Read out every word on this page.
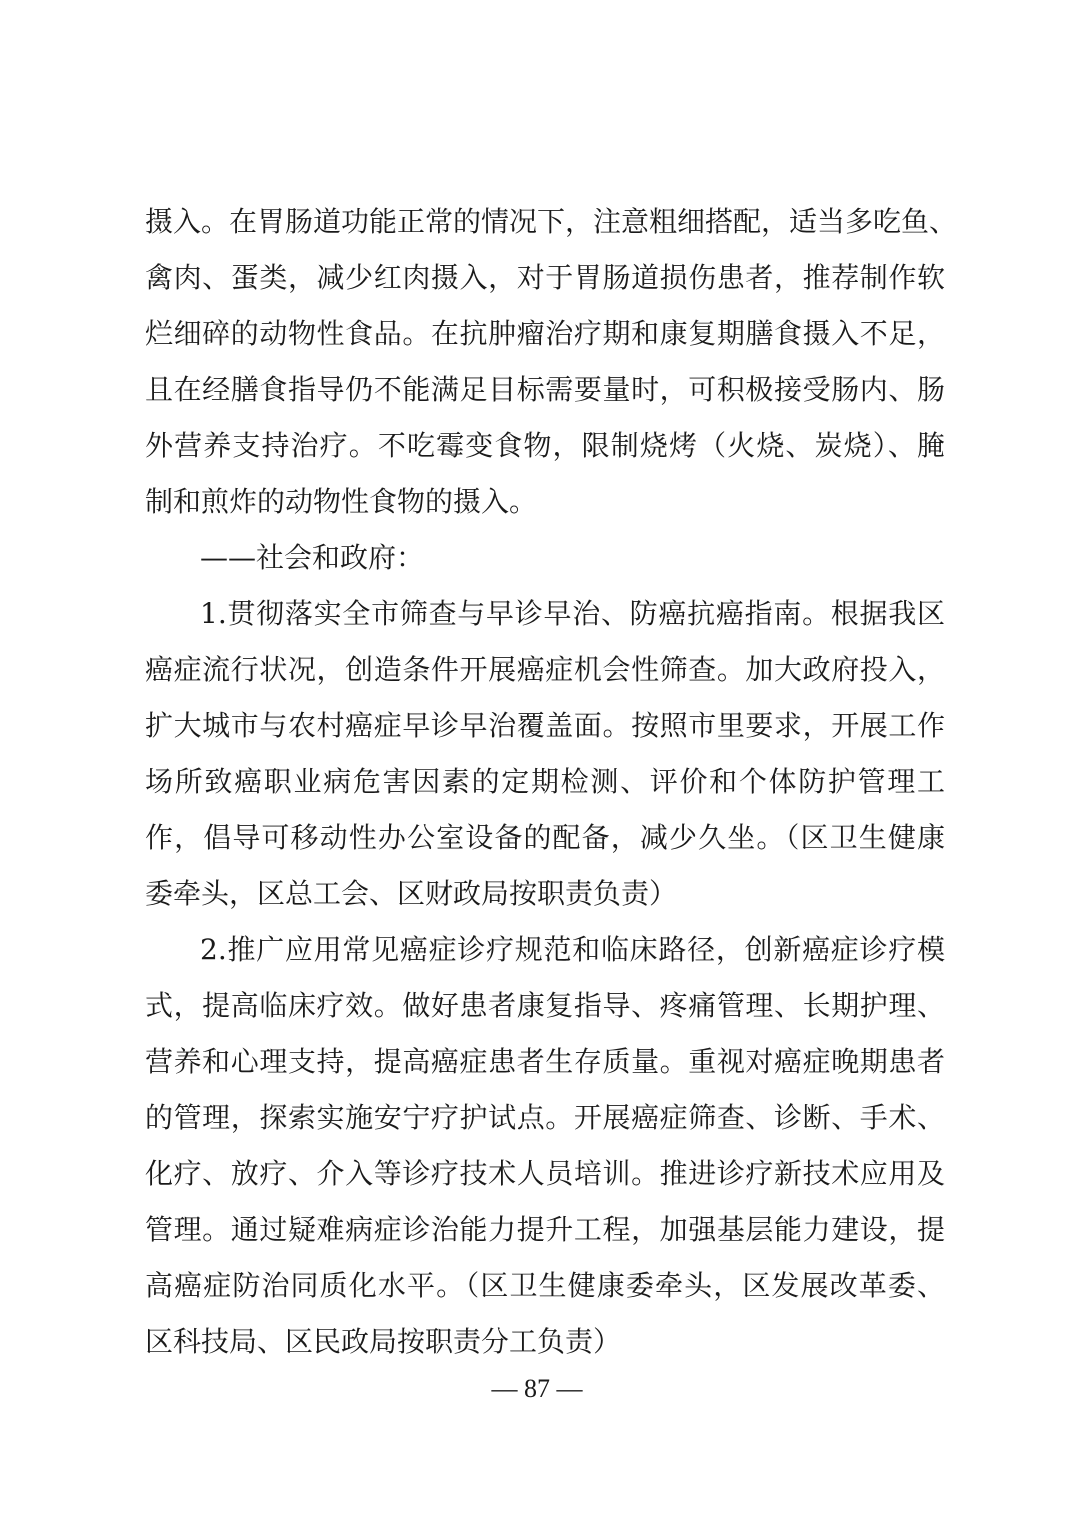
摄入。在胃肠道功能正常的情况下，注意粗细搭配，适当多吃鱼、
禽肉、蛋类，减少红肉摄入，对于胃肠道损伤患者，推荐制作软
烂细碎的动物性食品。在抗肿瘤治疗期和康复期膳食摄入不足，
且在经膳食指导仍不能满足目标需要量时，可积极接受肠内、肠
外营养支持治疗。不吃霉变食物，限制烧烤（火烧、炭烧）、腌
制和煎炸的动物性食物的摄入。
——社会和政府：
1.贯彻落实全市筛查与早诊早治、防癌抗癌指南。根据我区
癌症流行状况，创造条件开展癌症机会性筛查。加大政府投入，
扩大城市与农村癌症早诊早治覆盖面。按照市里要求，开展工作
场所致癌职业病危害因素的定期检测、评价和个体防护管理工
作，倡导可移动性办公室设备的配备，减少久坐。（区卫生健康
委牵头，区总工会、区财政局按职责负责）
2.推广应用常见癌症诊疗规范和临床路径，创新癌症诊疗模
式，提高临床疗效。做好患者康复指导、疼痛管理、长期护理、
营养和心理支持，提高癌症患者生存质量。重视对癌症晚期患者
的管理，探索实施安宁疗护试点。开展癌症筛查、诊断、手术、
化疗、放疗、介入等诊疗技术人员培训。推进诊疗新技术应用及
管理。通过疑难病症诊治能力提升工程，加强基层能力建设，提
高癌症防治同质化水平。（区卫生健康委牵头，区发展改革委、
区科技局、区民政局按职责分工负责）
— 87 —
